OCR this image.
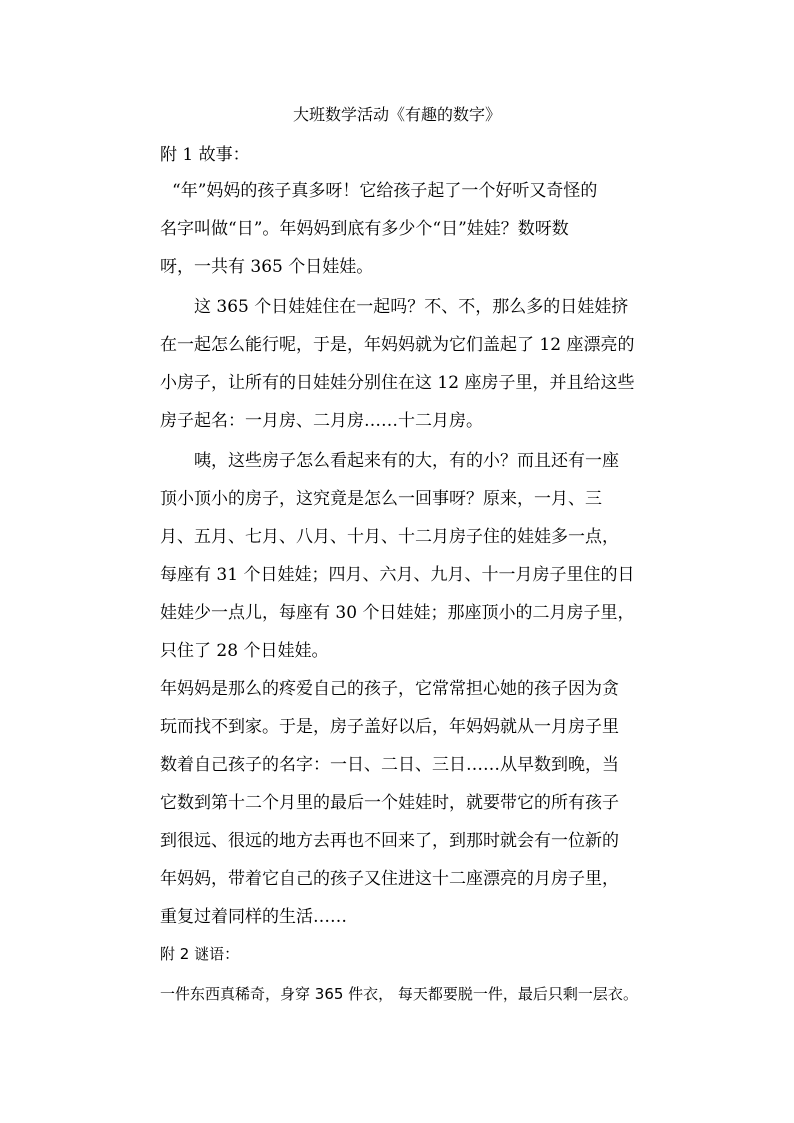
大班数学活动《有趣的数字》
附 1 故事：
“年”妈妈的孩子真多呀！它给孩子起了一个好听又奇怪的
名字叫做“日”。年妈妈到底有多少个“日”娃娃？数呀数
呀，一共有 365 个日娃娃。
这 365 个日娃娃住在一起吗？不、不，那么多的日娃娃挤
在一起怎么能行呢，于是，年妈妈就为它们盖起了 12 座漂亮的
小房子，让所有的日娃娃分别住在这 12 座房子里，并且给这些
房子起名：一月房、二月房……十二月房。
咦，这些房子怎么看起来有的大，有的小？而且还有一座
顶小顶小的房子，这究竟是怎么一回事呀？原来，一月、三
月、五月、七月、八月、十月、十二月房子住的娃娃多一点，
每座有 31 个日娃娃；四月、六月、九月、十一月房子里住的日
娃娃少一点儿，每座有 30 个日娃娃；那座顶小的二月房子里，
只住了 28 个日娃娃。
年妈妈是那么的疼爱自己的孩子，它常常担心她的孩子因为贪
玩而找不到家。于是，房子盖好以后，年妈妈就从一月房子里
数着自己孩子的名字：一日、二日、三日……从早数到晚，当
它数到第十二个月里的最后一个娃娃时，就要带它的所有孩子
到很远、很远的地方去再也不回来了，到那时就会有一位新的
年妈妈，带着它自己的孩子又住进这十二座漂亮的月房子里，
重复过着同样的生活……
附 2 谜语：
一件东西真稀奇，身穿 365 件衣， 每天都要脱一件，最后只剩一层衣。
